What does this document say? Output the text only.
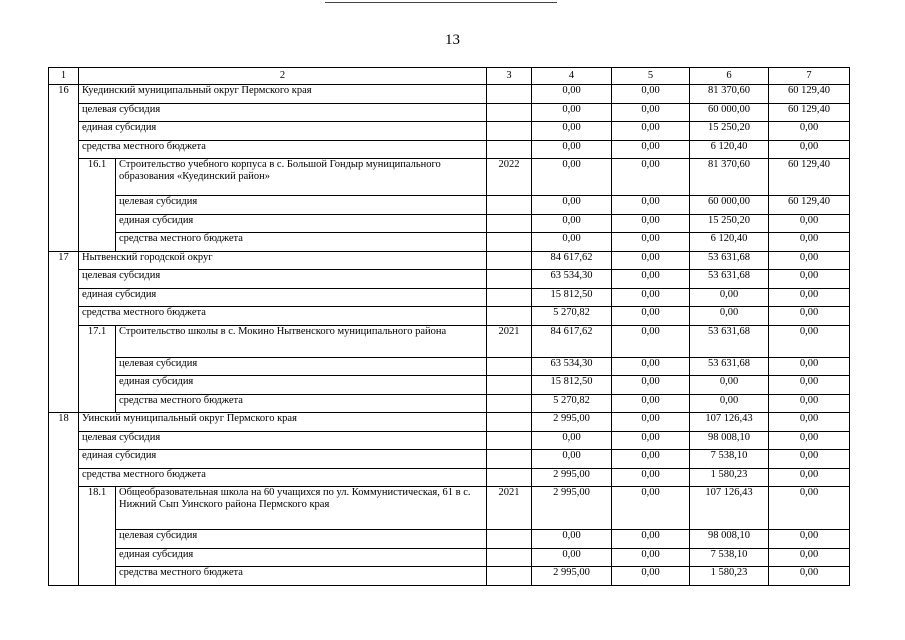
13
1	2		3	4	5	6	7
16	Куединский муниципальный округ Пермского края			0,00	0,00	81 370,60	60 129,40
	целевая субсидия			0,00	0,00	60 000,00	60 129,40
	единая субсидия			0,00	0,00	15 250,20	0,00
	средства местного бюджета			0,00	0,00	6 120,40	0,00
	16.1	Строительство учебного корпуса в с. Большой Гондыр муниципального образования «Куединский район»	2022	0,00	0,00	81 370,60	60 129,40
		целевая субсидия		0,00	0,00	60 000,00	60 129,40
		единая субсидия		0,00	0,00	15 250,20	0,00
		средства местного бюджета		0,00	0,00	6 120,40	0,00
17	Нытвенский городской округ			84 617,62	0,00	53 631,68	0,00
	целевая субсидия			63 534,30	0,00	53 631,68	0,00
	единая субсидия			15 812,50	0,00	0,00	0,00
	средства местного бюджета			5 270,82	0,00	0,00	0,00
	17.1	Строительство школы в с. Мокино Нытвенского муниципального района	2021	84 617,62	0,00	53 631,68	0,00
		целевая субсидия		63 534,30	0,00	53 631,68	0,00
		единая субсидия		15 812,50	0,00	0,00	0,00
		средства местного бюджета		5 270,82	0,00	0,00	0,00
18	Уинский муниципальный округ Пермского края			2 995,00	0,00	107 126,43	0,00
	целевая субсидия			0,00	0,00	98 008,10	0,00
	единая субсидия			0,00	0,00	7 538,10	0,00
	средства местного бюджета			2 995,00	0,00	1 580,23	0,00
	18.1	Общеобразовательная школа на 60 учащихся по ул. Коммунистическая, 61 в с. Нижний Сып Уинского района Пермского края	2021	2 995,00	0,00	107 126,43	0,00
		целевая субсидия		0,00	0,00	98 008,10	0,00
		единая субсидия		0,00	0,00	7 538,10	0,00
		средства местного бюджета		2 995,00	0,00	1 580,23	0,00
